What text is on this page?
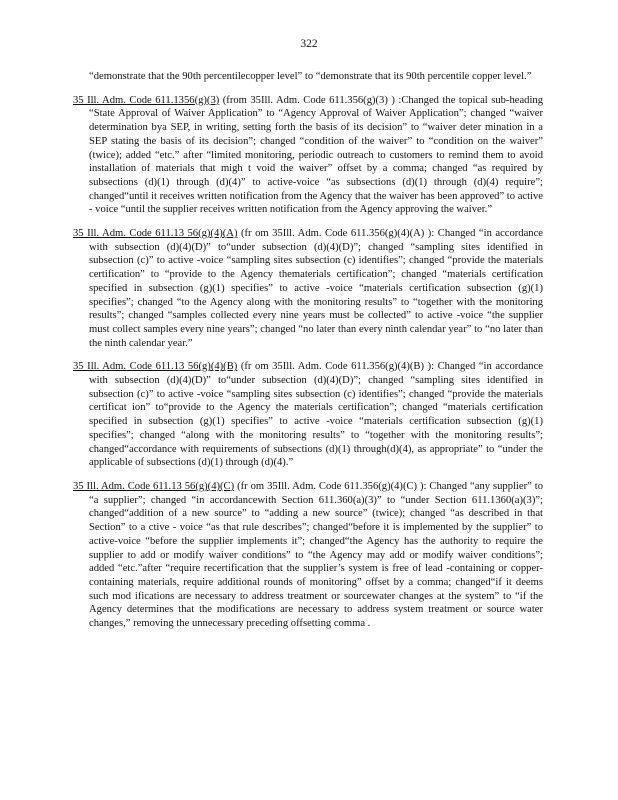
322

“demonstrate that the 90th percentilecopper level” to “demonstrate that its 90th percentile copper level.”

35 Ill. Adm. Code 611.1356(g)(3) (from 35Ill. Adm. Code 611.356(g)(3) ) :Changed the topical sub-heading “State Approval of Waiver Application” to “Agency Approval of Waiver Application”; changed “waiver determination bya SEP, in writing, setting forth the basis of its decision” to “waiver deter mination in a SEP stating the basis of its decision”; changed “condition of the waiver” to “condition on the waiver” (twice); added “etc.” after “limited monitoring, periodic outreach to customers to remind them to avoid installation of materials that migh t void the waiver” offset by a comma; changed “as required by subsections (d)(1) through (d)(4)” to active-voice “as subsections (d)(1) through (d)(4) require”; changed“until it receives written notification from the Agency that the waiver has been approved” to active - voice “until the supplier receives written notification from the Agency approving the waiver.”

35 Ill. Adm. Code 611.13 56(g)(4)(A) (fr om 35Ill. Adm. Code 611.356(g)(4)(A) ): Changed “in accordance with subsection (d)(4)(D)” to“under subsection (d)(4)(D)”; changed “sampling sites identified in subsection (c)” to active -voice “sampling sites subsection (c) identifies”; changed “provide the materials certification” to “provide to the Agency thematerials certification”; changed “materials certification specified in subsection (g)(1) specifies” to active -voice “materials certification subsection (g)(1) specifies”; changed “to the Agency along with the monitoring results” to “together with the monitoring results”; changed “samples collected every nine years must be collected” to active -voice “the supplier must collect samples every nine years”; changed “no later than every ninth calendar year” to “no later than the ninth calendar year.”

35 Ill. Adm. Code 611.13 56(g)(4)(B) (fr om 35Ill. Adm. Code 611.356(g)(4)(B) ): Changed “in accordance with subsection (d)(4)(D)” to“under subsection (d)(4)(D)”; changed “sampling sites identified in subsection (c)” to active -voice “sampling sites subsection (c) identifies”; changed “provide the materials certificat ion” to“provide to the Agency the materials certification”; changed “materials certification specified in subsection (g)(1) specifies” to active -voice “materials certification subsection (g)(1) specifies”; changed “along with the monitoring results” to “together with the monitoring results”; changed“accordance with requirements of subsections (d)(1) through(d)(4), as appropriate” to “under the applicable of subsections (d)(1) through (d)(4).”

35 Ill. Adm. Code 611.13 56(g)(4)(C) (fr om 35Ill. Adm. Code 611.356(g)(4)(C) ): Changed “any supplier” to “a supplier”; changed “in accordancewith Section 611.360(a)(3)” to “under Section 611.1360(a)(3)”; changed“addition of a new source” to “adding a new source” (twice); changed “as described in that Section” to a ctive - voice “as that rule describes”; changed“before it is implemented by the supplier” to active-voice “before the supplier implements it”; changed“the Agency has the authority to require the supplier to add or modify waiver conditions” to “the Agency may add or modify waiver conditions”; added “etc.”after “require recertification that the supplier’s system is free of lead -containing or copper-containing materials, require additional rounds of monitoring” offset by a comma; changed“if it deems such mod ifications are necessary to address treatment or sourcewater changes at the system” to “if the Agency determines that the modifications are necessary to address system treatment or source water changes,” removing the unnecessary preceding offsetting comma .
